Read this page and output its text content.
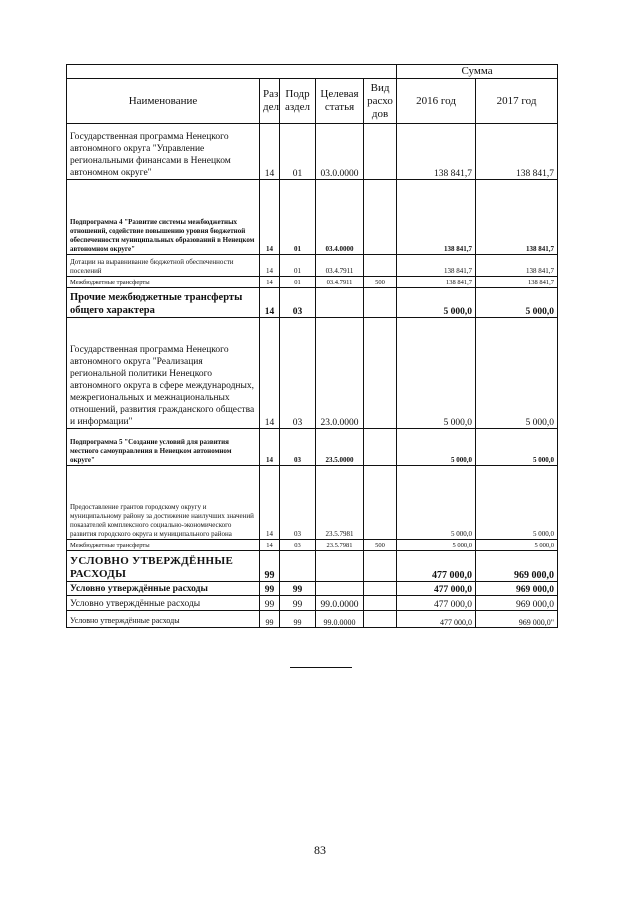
					Сумма	
Наименование	Раз дел	Подр аздел	Целевая статья	Вид расхо дов	2016 год	2017 год
Государственная программа Ненецкого автономного округа "Управление региональными финансами в Ненецком автономном округе"	14	01	03.0.0000		138 841,7	138 841,7
Подпрограмма 4 "Развитие системы межбюджетных отношений, содействие повышению уровня бюджетной обеспеченности муниципальных образований в Ненецком автономном округе"	14	01	03.4.0000		138 841,7	138 841,7
Дотации на выравнивание бюджетной обеспеченности поселений	14	01	03.4.7911		138 841,7	138 841,7
Межбюджетные трансферты	14	01	03.4.7911	500	138 841,7	138 841,7
Прочие межбюджетные трансферты общего характера	14	03			5 000,0	5 000,0
Государственная программа Ненецкого автономного округа "Реализация региональной политики Ненецкого автономного округа в сфере международных, межрегиональных и межнациональных отношений, развития гражданского общества и информации"	14	03	23.0.0000		5 000,0	5 000,0
Подпрограмма 5 "Создание условий для развития местного самоуправления в Ненецком автономном округе"	14	03	23.5.0000		5 000,0	5 000,0
Предоставление грантов городскому округу и муниципальному району за достижение наилучших значений показателей комплексного социально-экономического развития городского округа и муниципального района	14	03	23.5.7981		5 000,0	5 000,0
Межбюджетные трансферты	14	03	23.5.7981	500	5 000,0	5 000,0
УСЛОВНО УТВЕРЖДЁННЫЕ РАСХОДЫ	99				477 000,0	969 000,0
Условно утверждённые расходы	99	99			477 000,0	969 000,0
Условно утверждённые расходы	99	99	99.0.0000		477 000,0	969 000,0
Условно утверждённые расходы	99	99	99.0.0000		477 000,0	969 000,0"
83
